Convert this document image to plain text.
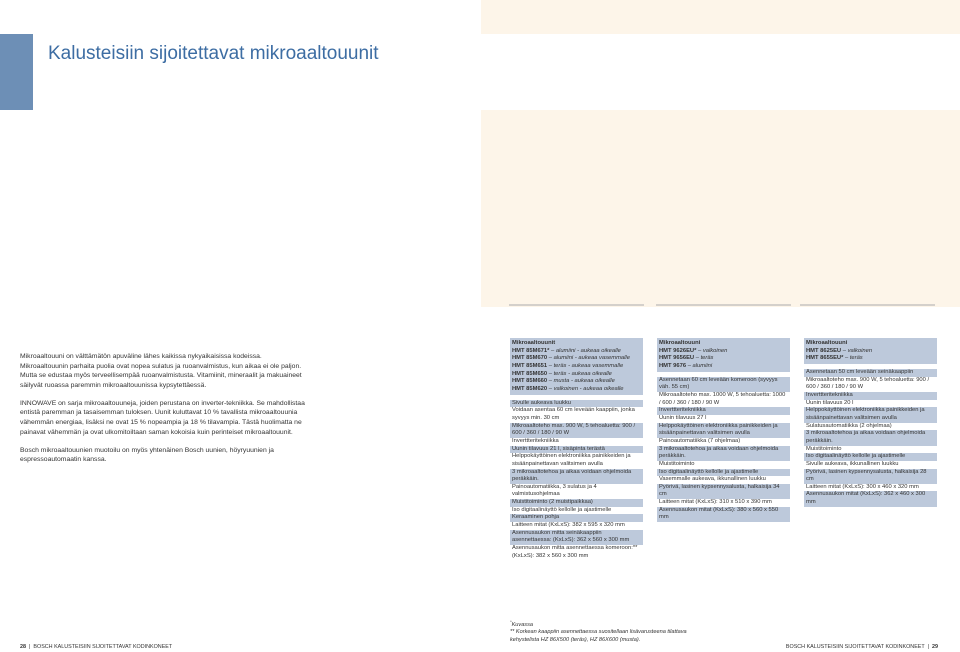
Kalusteisiin sijoitettavat mikroaaltouunit

Mikroaaltouuni on välttämätön apuväline lähes kaikissa nykyaikaisissa kodeissa. Mikroaaltouunin parhaita puolia ovat nopea sulatus ja ruoanvalmistus, kun aikaa ei ole paljon. Mutta se edustaa myös terveellisempää ruoanvalmistusta. Vitamiinit, mineraalit ja makuaineet säilyvät ruoassa paremmin mikroaaltouunissa kypsytettäessä.

INNOWAVE on sarja mikroaaltouuneja, joiden perustana on inverter-tekniikka. Se mahdollistaa entistä paremman ja tasaisemman tuloksen. Uunit kuluttavat 10 % tavallista mikroaaltouunia vähemmän energiaa, lisäksi ne ovat 15 % nopeampia ja 18 % tilavampia. Tästä huolimatta ne painavat vähemmän ja ovat ulkomitoiltaan saman kokoisia kuin perinteiset mikroaaltouunit.

Bosch mikroaaltouunien muotoilu on myös yhtenäinen Bosch uunien, höyryuunien ja espressoautomaatin kanssa.

Mikroaaltouunit
HMT 85M671* – alumiini - aukeaa oikealle
HMT 85M670 – alumiini - aukeaa vasemmalle
HMT 85M651 – teräs - aukeaa vasemmalle
HMT 85M650 – teräs - aukeaa oikealle
HMT 85M660 – musta - aukeaa oikealle
HMT 85M620 – valkoinen - aukeaa oikealle
Sivulle aukeava luukku
Voidaan asentaa 60 cm leveään kaappiin, jonka syvyys min. 30 cm
Mikroaaltoteho max. 900 W, 5 tehoaluetta: 900 / 600 / 360 / 180 / 90 W
Inverttteritekniikka
Uunin tilavuus 21 l, sisäpinta terästä
Helppokäyttöinen elektroniikka painikkeiden ja sisäänpainettavan valitsimen avulla
3 mikroaaltotehoa ja aikaa voidaan ohjelmoida peräkkäin.
Painoautomatiikka, 3 sulatus ja 4 valmistusohjelmaa
Muistitoiminto (2 muistipaikkaa)
Iso digitaalinäyttö kellolle ja ajastimelle
Keraaminen pohja
Laitteen mitat (KxLxS): 382 x 595 x 320 mm
Asennusaukon mitta seinäkaappiin asennettaessa: (KxLxS): 362 x 560 x 300 mm
Asennusaukon mitta asennettaessa komeroon:**(KxLxS): 382 x 560 x 300 mm
Mikroaaltouuni
HMT 9626EU* – valkoinen
HMT 9656EU – teräs
HMT 9676 – alumiini
Asennetaan 60 cm leveään komeroon (syvyys väh. 55 cm)
Mikroaaltoteho max. 1000 W, 5 tehoaluetta: 1000 / 600 / 360 / 180 / 90 W
Inverttteritekniikka
Uunin tilavuus 27 l
Helppokäyttöinen elektroniikka painikkeiden ja sisäänpainettavan valitsimen avulla
Painoautomatiikka (7 ohjelmaa)
3 mikroaaltotehoa ja aikaa voidaan ohjelmoida peräkkäin.
Muistitoiminto
Iso digitaalinäyttö kellolle ja ajastimelle
Vasemmalle aukeava, ikkunallinen luukku
Pyörivä, lasinen kypsennysalusta, halkaisija 34 cm
Laitteen mitat (KxLxS): 310 x 510 x 390 mm
Asennusaukon mitat (KxLxS): 380 x 560 x 550 mm
Mikroaaltouuni
HMT 8625EU – valkoinen
HMT 8655EU* – teräs
Asennetaan 50 cm leveään seinäkaappiin
Mikroaaltoteho max. 900 W, 5 tehoaluetta: 900 / 600 / 360 / 180 / 90 W
Inverttteritekniikka
Uunin tilavuus 20 l
Helppokäyttöinen elektroniikka painikkeiden ja sisäänpainettavan valitsimen avulla
Sulatusautomatiikka (2 ohjelmaa)
3 mikroaaltotehoa ja aikaa voidaan ohjelmoida peräkkäin.
Muistitoiminto
Iso digitaalinäyttö kellolle ja ajastimelle
Sivulle aukeava, ikkunallinen luukku
Pyörivä, lasinen kypsennysalusta, halkaisija 28 cm
Laitteen mitat (KxLxS): 300 x 460 x 320 mm
Asennusaukon mitat (KxLxS): 362 x 460 x 300 mm
*Kuvassa
** Korkean kaappiin asennettaessa suositellaan lisävarusteena tilattava kehystelista HZ 86X500 (teräs), HZ 86X600 (musta).
28 | BOSCH KALUSTEISIIN SIJOITETTAVAT KODINKONEET	BOSCH KALUSTEISIIN SIJOITETTAVAT KODINKONEET | 29
